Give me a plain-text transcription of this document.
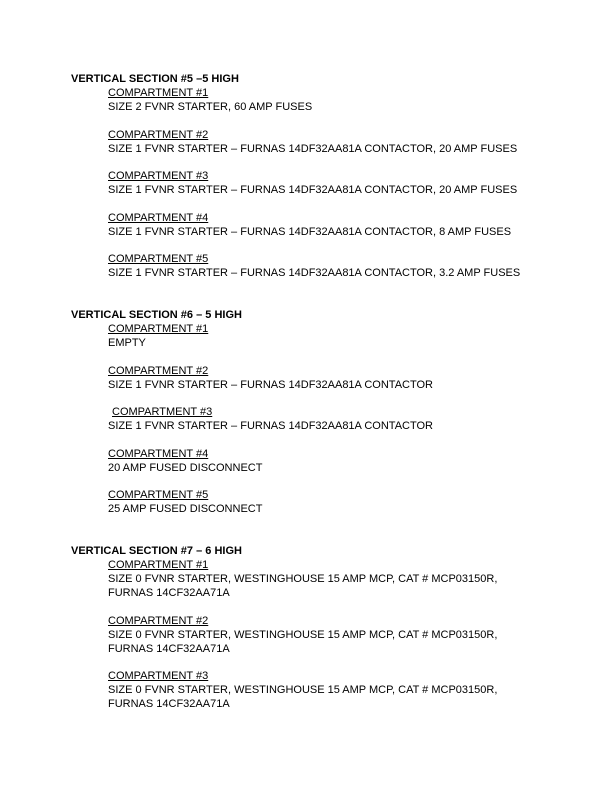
VERTICAL SECTION #5 –5 HIGH
COMPARTMENT #1
SIZE 2 FVNR STARTER, 60 AMP FUSES
COMPARTMENT #2
SIZE 1 FVNR STARTER – FURNAS 14DF32AA81A CONTACTOR, 20 AMP FUSES
COMPARTMENT #3
SIZE 1 FVNR STARTER – FURNAS 14DF32AA81A CONTACTOR, 20 AMP FUSES
COMPARTMENT #4
SIZE 1 FVNR STARTER – FURNAS 14DF32AA81A CONTACTOR, 8 AMP FUSES
COMPARTMENT #5
SIZE 1 FVNR STARTER – FURNAS 14DF32AA81A CONTACTOR, 3.2 AMP FUSES
VERTICAL SECTION #6 – 5 HIGH
COMPARTMENT #1
EMPTY
COMPARTMENT #2
SIZE 1 FVNR STARTER – FURNAS 14DF32AA81A CONTACTOR
COMPARTMENT #3
SIZE 1 FVNR STARTER – FURNAS 14DF32AA81A CONTACTOR
COMPARTMENT #4
20 AMP FUSED DISCONNECT
COMPARTMENT #5
25 AMP FUSED DISCONNECT
VERTICAL SECTION #7 – 6 HIGH
COMPARTMENT #1
SIZE 0 FVNR STARTER, WESTINGHOUSE 15 AMP MCP, CAT # MCP03150R,
FURNAS 14CF32AA71A
COMPARTMENT #2
SIZE 0 FVNR STARTER, WESTINGHOUSE 15 AMP MCP, CAT # MCP03150R,
FURNAS 14CF32AA71A
COMPARTMENT #3
SIZE 0 FVNR STARTER, WESTINGHOUSE 15 AMP MCP, CAT # MCP03150R,
FURNAS 14CF32AA71A
